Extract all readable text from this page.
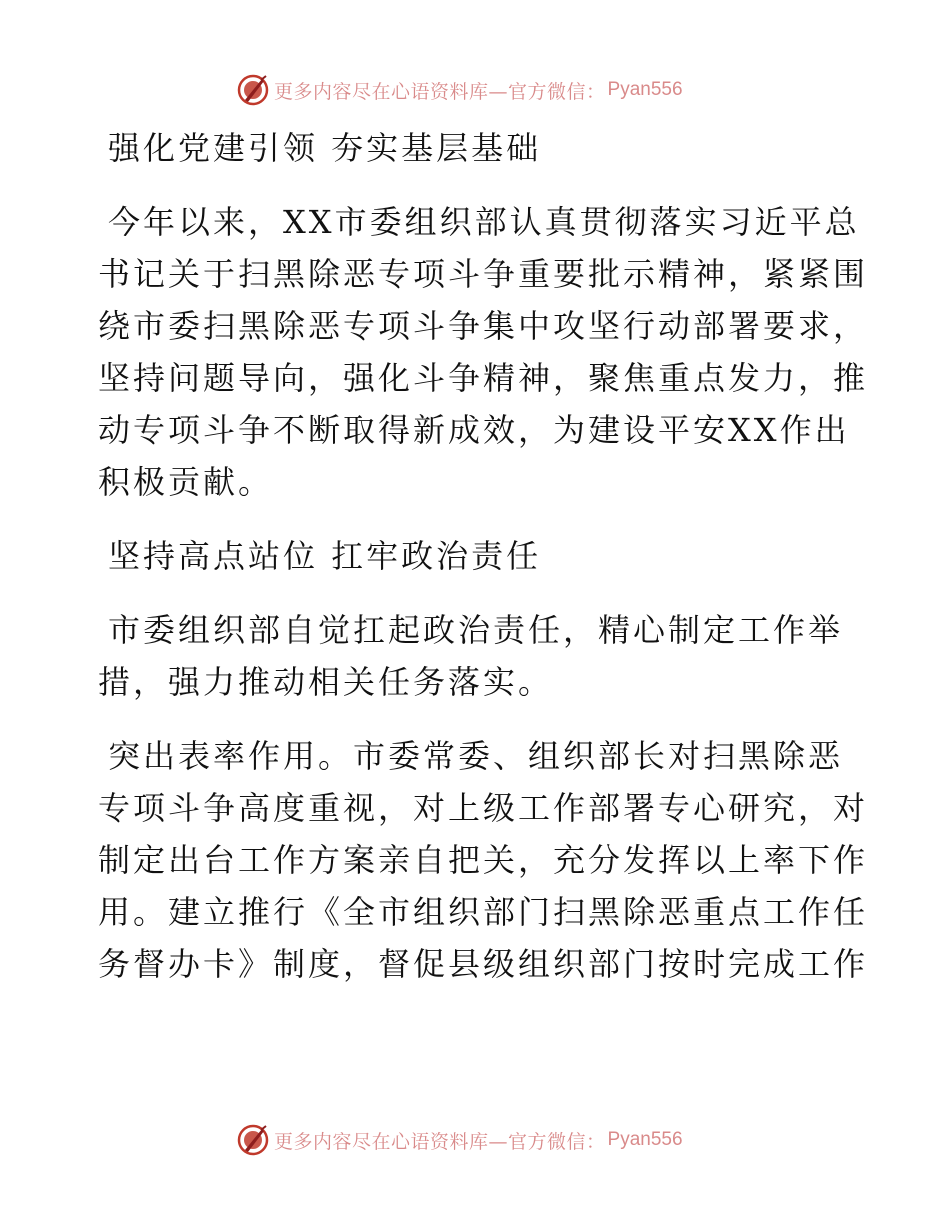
更多内容尽在心语资料库—官方微信： Pyan556
强化党建引领 夯实基层基础
今年以来，XX市委组织部认真贯彻落实习近平总
书记关于扫黑除恶专项斗争重要批示精神，紧紧围
绕市委扫黑除恶专项斗争集中攻坚行动部署要求，
坚持问题导向，强化斗争精神，聚焦重点发力，推
动专项斗争不断取得新成效，为建设平安XX作出
积极贡献。
坚持高点站位 扛牢政治责任
市委组织部自觉扛起政治责任，精心制定工作举
措，强力推动相关任务落实。
突出表率作用。市委常委、组织部长对扫黑除恶
专项斗争高度重视，对上级工作部署专心研究，对
制定出台工作方案亲自把关，充分发挥以上率下作
用。建立推行《全市组织部门扫黑除恶重点工作任
务督办卡》制度，督促县级组织部门按时完成工作
更多内容尽在心语资料库—官方微信： Pyan556
